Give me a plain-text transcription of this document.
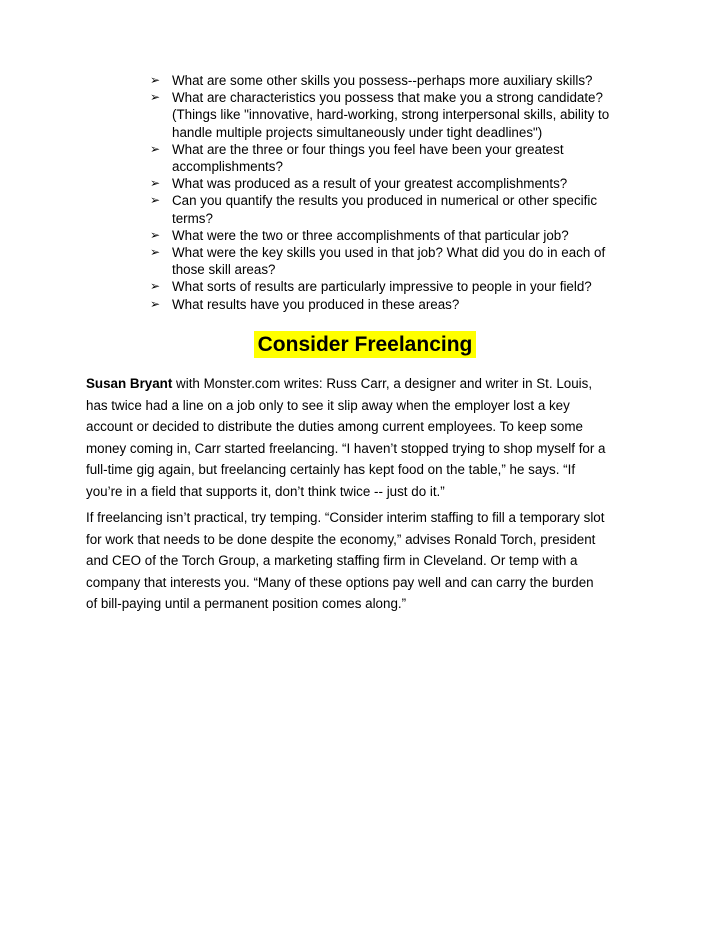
➢ What are some other skills you possess--perhaps more auxiliary skills?
➢ What are characteristics you possess that make you a strong candidate?
(Things like "innovative, hard-working, strong interpersonal skills, ability to
handle multiple projects simultaneously under tight deadlines")
➢ What are the three or four things you feel have been your greatest
accomplishments?
➢ What was produced as a result of your greatest accomplishments?
➢ Can you quantify the results you produced in numerical or other specific
terms?
➢ What were the two or three accomplishments of that particular job?
➢ What were the key skills you used in that job? What did you do in each of
those skill areas?
➢ What sorts of results are particularly impressive to people in your field?
➢ What results have you produced in these areas?
Consider Freelancing

Susan Bryant with Monster.com writes: Russ Carr, a designer and writer in St. Louis,
has twice had a line on a job only to see it slip away when the employer lost a key
account or decided to distribute the duties among current employees. To keep some
money coming in, Carr started freelancing. “I haven’t stopped trying to shop myself for a
full-time gig again, but freelancing certainly has kept food on the table,” he says. “If
you’re in a field that supports it, don’t think twice -- just do it.”

If freelancing isn’t practical, try temping. “Consider interim staffing to fill a temporary slot
for work that needs to be done despite the economy,” advises Ronald Torch, president
and CEO of the Torch Group, a marketing staffing firm in Cleveland. Or temp with a
company that interests you. “Many of these options pay well and can carry the burden
of bill-paying until a permanent position comes along.”
